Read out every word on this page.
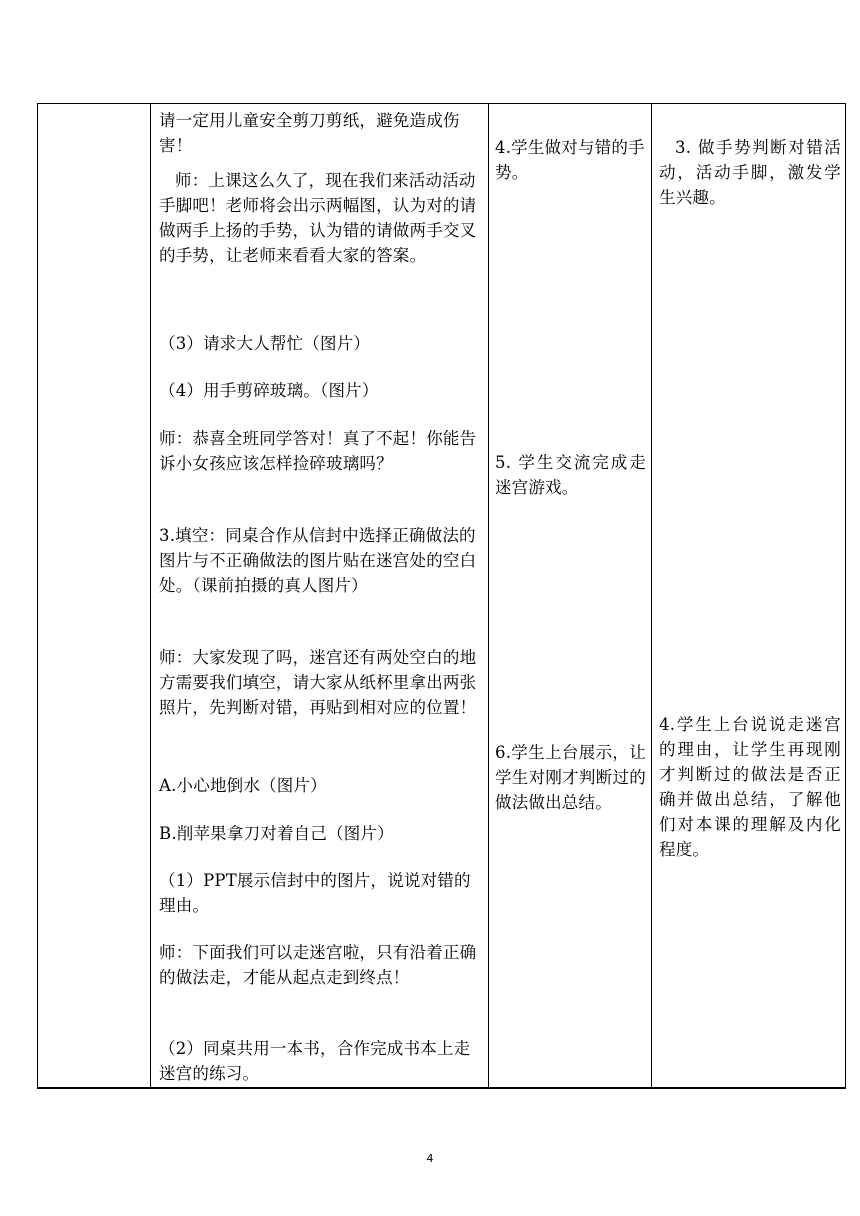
请一定用儿童安全剪刀剪纸，避免造成伤害！

师：上课这么久了，现在我们来活动活动手脚吧！老师将会出示两幅图，认为对的请做两手上扬的手势，认为错的请做两手交叉的手势，让老师来看看大家的答案。

（3）请求大人帮忙（图片）

（4）用手剪碎玻璃。（图片）

师：恭喜全班同学答对！真了不起！你能告诉小女孩应该怎样捡碎玻璃吗？

3.填空：同桌合作从信封中选择正确做法的图片与不正确做法的图片贴在迷宫处的空白处。（课前拍摄的真人图片）

师：大家发现了吗，迷宫还有两处空白的地方需要我们填空，请大家从纸杯里拿出两张照片，先判断对错，再贴到相对应的位置！

A.小心地倒水（图片）

B.削苹果拿刀对着自己（图片）

（1）PPT展示信封中的图片，说说对错的理由。

师：下面我们可以走迷宫啦，只有沿着正确的做法走，才能从起点走到终点！

（2）同桌共用一本书，合作完成书本上走迷宫的练习。

4.学生做对与错的手势。

5. 学生交流完成走迷宫游戏。

6.学生上台展示，让学生对刚才判断过的做法做出总结。

3. 做手势判断对错活动，活动手脚，激发学生兴趣。

4.学生上台说说走迷宫的理由，让学生再现刚才判断过的做法是否正确并做出总结，了解他们对本课的理解及内化程度。

4
